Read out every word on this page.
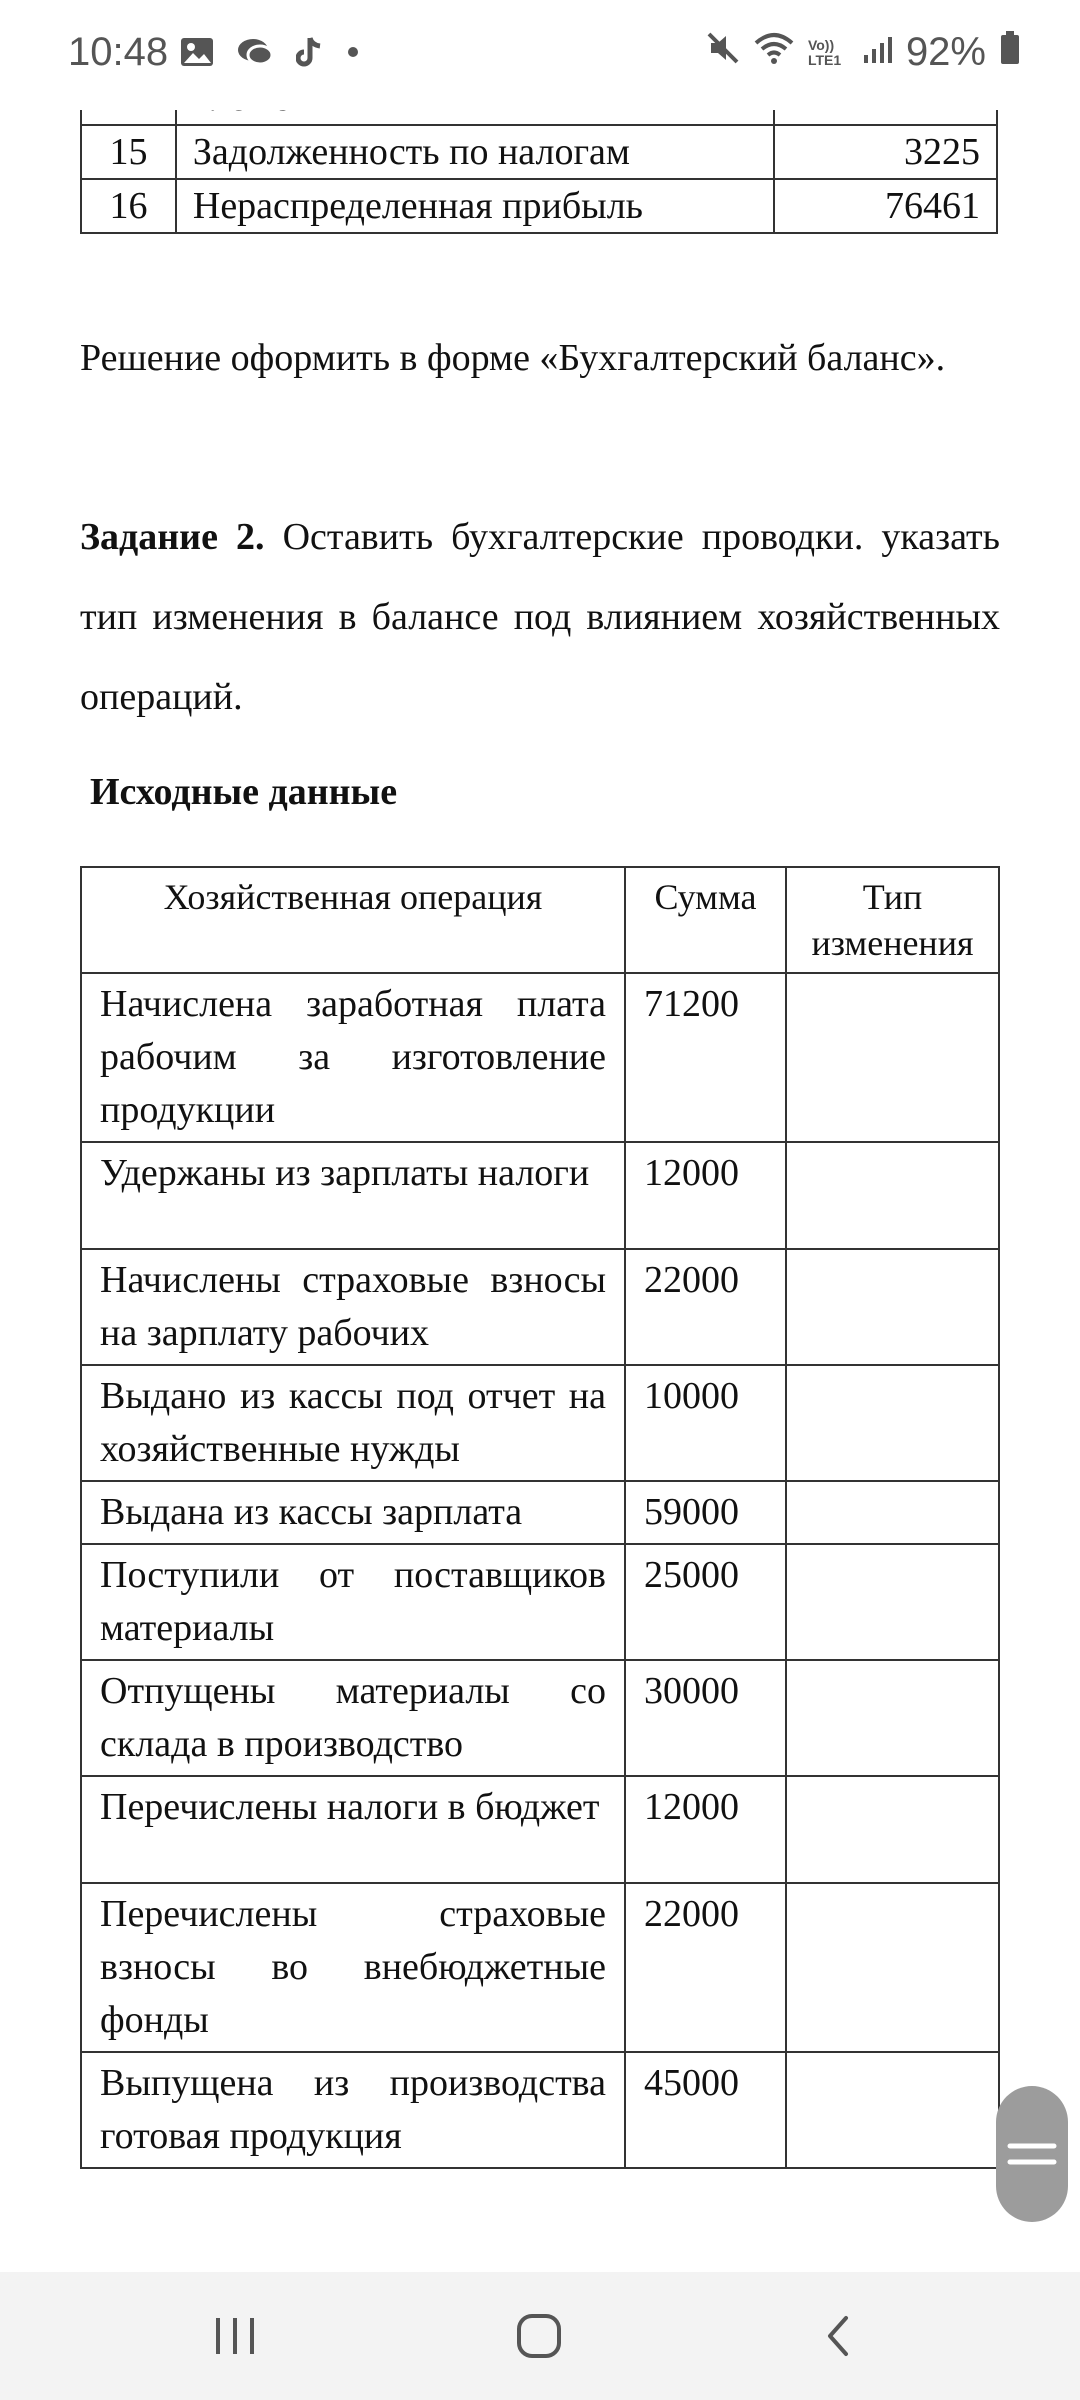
15	Задолженность по налогам	3225
16	Нераспределенная прибыль	76461
Решение оформить в форме «Бухгалтерский баланс».
Задание 2. Оставить бухгалтерские проводки. указать тип изменения в балансе под влиянием хозяйственных операций.
Исходные данные
Хозяйственная операция	Сумма	Тип изменения
Начислена заработная плата рабочим за изготовление продукции	71200	
Удержаны из зарплаты налоги	12000	
Начислены страховые взносы на зарплату рабочих	22000	
Выдано из кассы под отчет на хозяйственные нужды	10000	
Выдана из кассы зарплата	59000	
Поступили от поставщиков материалы	25000	
Отпущены материалы со склада в производство	30000	
Перечислены налоги в бюджет	12000	
Перечислены страховые взносы во внебюджетные фонды	22000	
Выпущена из производства готовая продукция	45000	
10:48	Vo)) LTE1 92%
